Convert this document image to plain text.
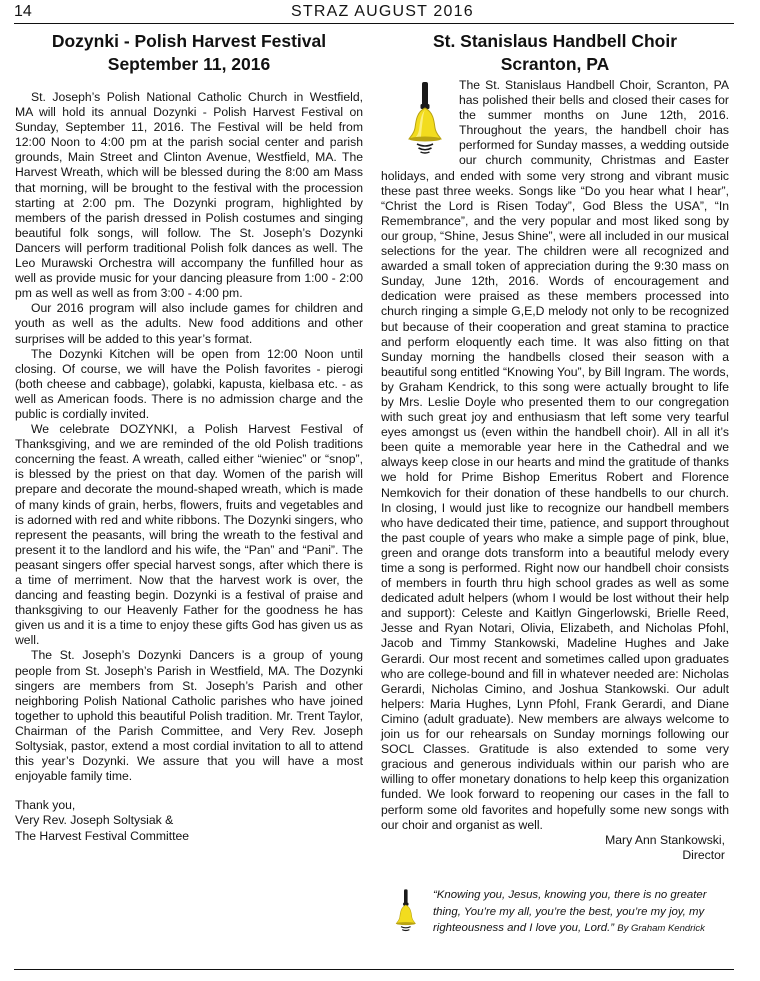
14	STRAZ AUGUST 2016
Dozynki - Polish Harvest Festival
September 11, 2016

St. Joseph’s Polish National Catholic Church in Westfield, MA will hold its annual Dozynki - Polish Harvest Festival on Sunday, September 11, 2016. The Festival will be held from 12:00 Noon to 4:00 pm at the parish social center and parish grounds, Main Street and Clinton Avenue, Westfield, MA. The Harvest Wreath, which will be blessed during the 8:00 am Mass that morning, will be brought to the festival with the procession starting at 2:00 pm. The Dozynki program, highlighted by members of the parish dressed in Polish costumes and singing beautiful folk songs, will follow. The St. Joseph’s Dozynki Dancers will perform traditional Polish folk dances as well. The Leo Murawski Orchestra will accompany the funfilled hour as well as provide music for your dancing pleasure from 1:00 - 2:00 pm as well as well as from 3:00 - 4:00 pm.

Our 2016 program will also include games for children and youth as well as the adults. New food additions and other surprises will be added to this year’s format.

The Dozynki Kitchen will be open from 12:00 Noon until closing. Of course, we will have the Polish favorites - pierogi (both cheese and cabbage), golabki, kapusta, kielbasa etc. - as well as American foods. There is no admission charge and the public is cordially invited.

We celebrate DOZYNKI, a Polish Harvest Festival of Thanksgiving, and we are reminded of the old Polish traditions concerning the feast. A wreath, called either “wieniec” or “snop”, is blessed by the priest on that day. Women of the parish will prepare and decorate the mound-shaped wreath, which is made of many kinds of grain, herbs, flowers, fruits and vegetables and is adorned with red and white ribbons. The Dozynki singers, who represent the peasants, will bring the wreath to the festival and present it to the landlord and his wife, the “Pan” and “Pani”. The peasant singers offer special harvest songs, after which there is a time of merriment. Now that the harvest work is over, the dancing and feasting begin. Dozynki is a festival of praise and thanksgiving to our Heavenly Father for the goodness he has given us and it is a time to enjoy these gifts God has given us as well.

The St. Joseph’s Dozynki Dancers is a group of young people from St. Joseph’s Parish in Westfield, MA. The Dozynki singers are members from St. Joseph’s Parish and other neighboring Polish National Catholic parishes who have joined together to uphold this beautiful Polish tradition. Mr. Trent Taylor, Chairman of the Parish Committee, and Very Rev. Joseph Soltysiak, pastor, extend a most cordial invitation to all to attend this year’s Dozynki. We assure that you will have a most enjoyable family time.

Thank you,
Very Rev. Joseph Soltysiak &
The Harvest Festival Committee
St. Stanislaus Handbell Choir
Scranton, PA

The St. Stanislaus Handbell Choir, Scranton, PA has polished their bells and closed their cases for the summer months on June 12th, 2016. Throughout the years, the handbell choir has performed for Sunday masses, a wedding outside our church community, Christmas and Easter holidays, and ended with some very strong and vibrant music these past three weeks. Songs like “Do you hear what I hear”, “Christ the Lord is Risen Today”, God Bless the USA”, “In Remembrance”, and the very popular and most liked song by our group, “Shine, Jesus Shine”, were all included in our musical selections for the year. The children were all recognized and awarded a small token of appreciation during the 9:30 mass on Sunday, June 12th, 2016. Words of encouragement and dedication were praised as these members processed into church ringing a simple G,E,D melody not only to be recognized but because of their cooperation and great stamina to practice and perform eloquently each time. It was also fitting on that Sunday morning the handbells closed their season with a beautiful song entitled “Knowing You”, by Bill Ingram. The words, by Graham Kendrick, to this song were actually brought to life by Mrs. Leslie Doyle who presented them to our congregation with such great joy and enthusiasm that left some very tearful eyes amongst us (even within the handbell choir). All in all it’s been quite a memorable year here in the Cathedral and we always keep close in our hearts and mind the gratitude of thanks we hold for Prime Bishop Emeritus Robert and Florence Nemkovich for their donation of these handbells to our church. In closing, I would just like to recognize our handbell members who have dedicated their time, patience, and support throughout the past couple of years who make a simple page of pink, blue, green and orange dots transform into a beautiful melody every time a song is performed. Right now our handbell choir consists of members in fourth thru high school grades as well as some dedicated adult helpers (whom I would be lost without their help and support): Celeste and Kaitlyn Gingerlowski, Brielle Reed, Jesse and Ryan Notari, Olivia, Elizabeth, and Nicholas Pfohl, Jacob and Timmy Stankowski, Madeline Hughes and Jake Gerardi. Our most recent and sometimes called upon graduates who are college-bound and fill in whatever needed are: Nicholas Gerardi, Nicholas Cimino, and Joshua Stankowski. Our adult helpers: Maria Hughes, Lynn Pfohl, Frank Gerardi, and Diane Cimino (adult graduate). New members are always welcome to join us for our rehearsals on Sunday mornings following our SOCL Classes. Gratitude is also extended to some very gracious and generous individuals within our parish who are willing to offer monetary donations to help keep this organization funded. We look forward to reopening our cases in the fall to perform some old favorites and hopefully some new songs with our choir and organist as well.

Mary Ann Stankowski,
Director
“Knowing you, Jesus, knowing you, there is no greater thing, You’re my all, you’re the best, you’re my joy, my righteousness and I love you, Lord.” By Graham Kendrick
